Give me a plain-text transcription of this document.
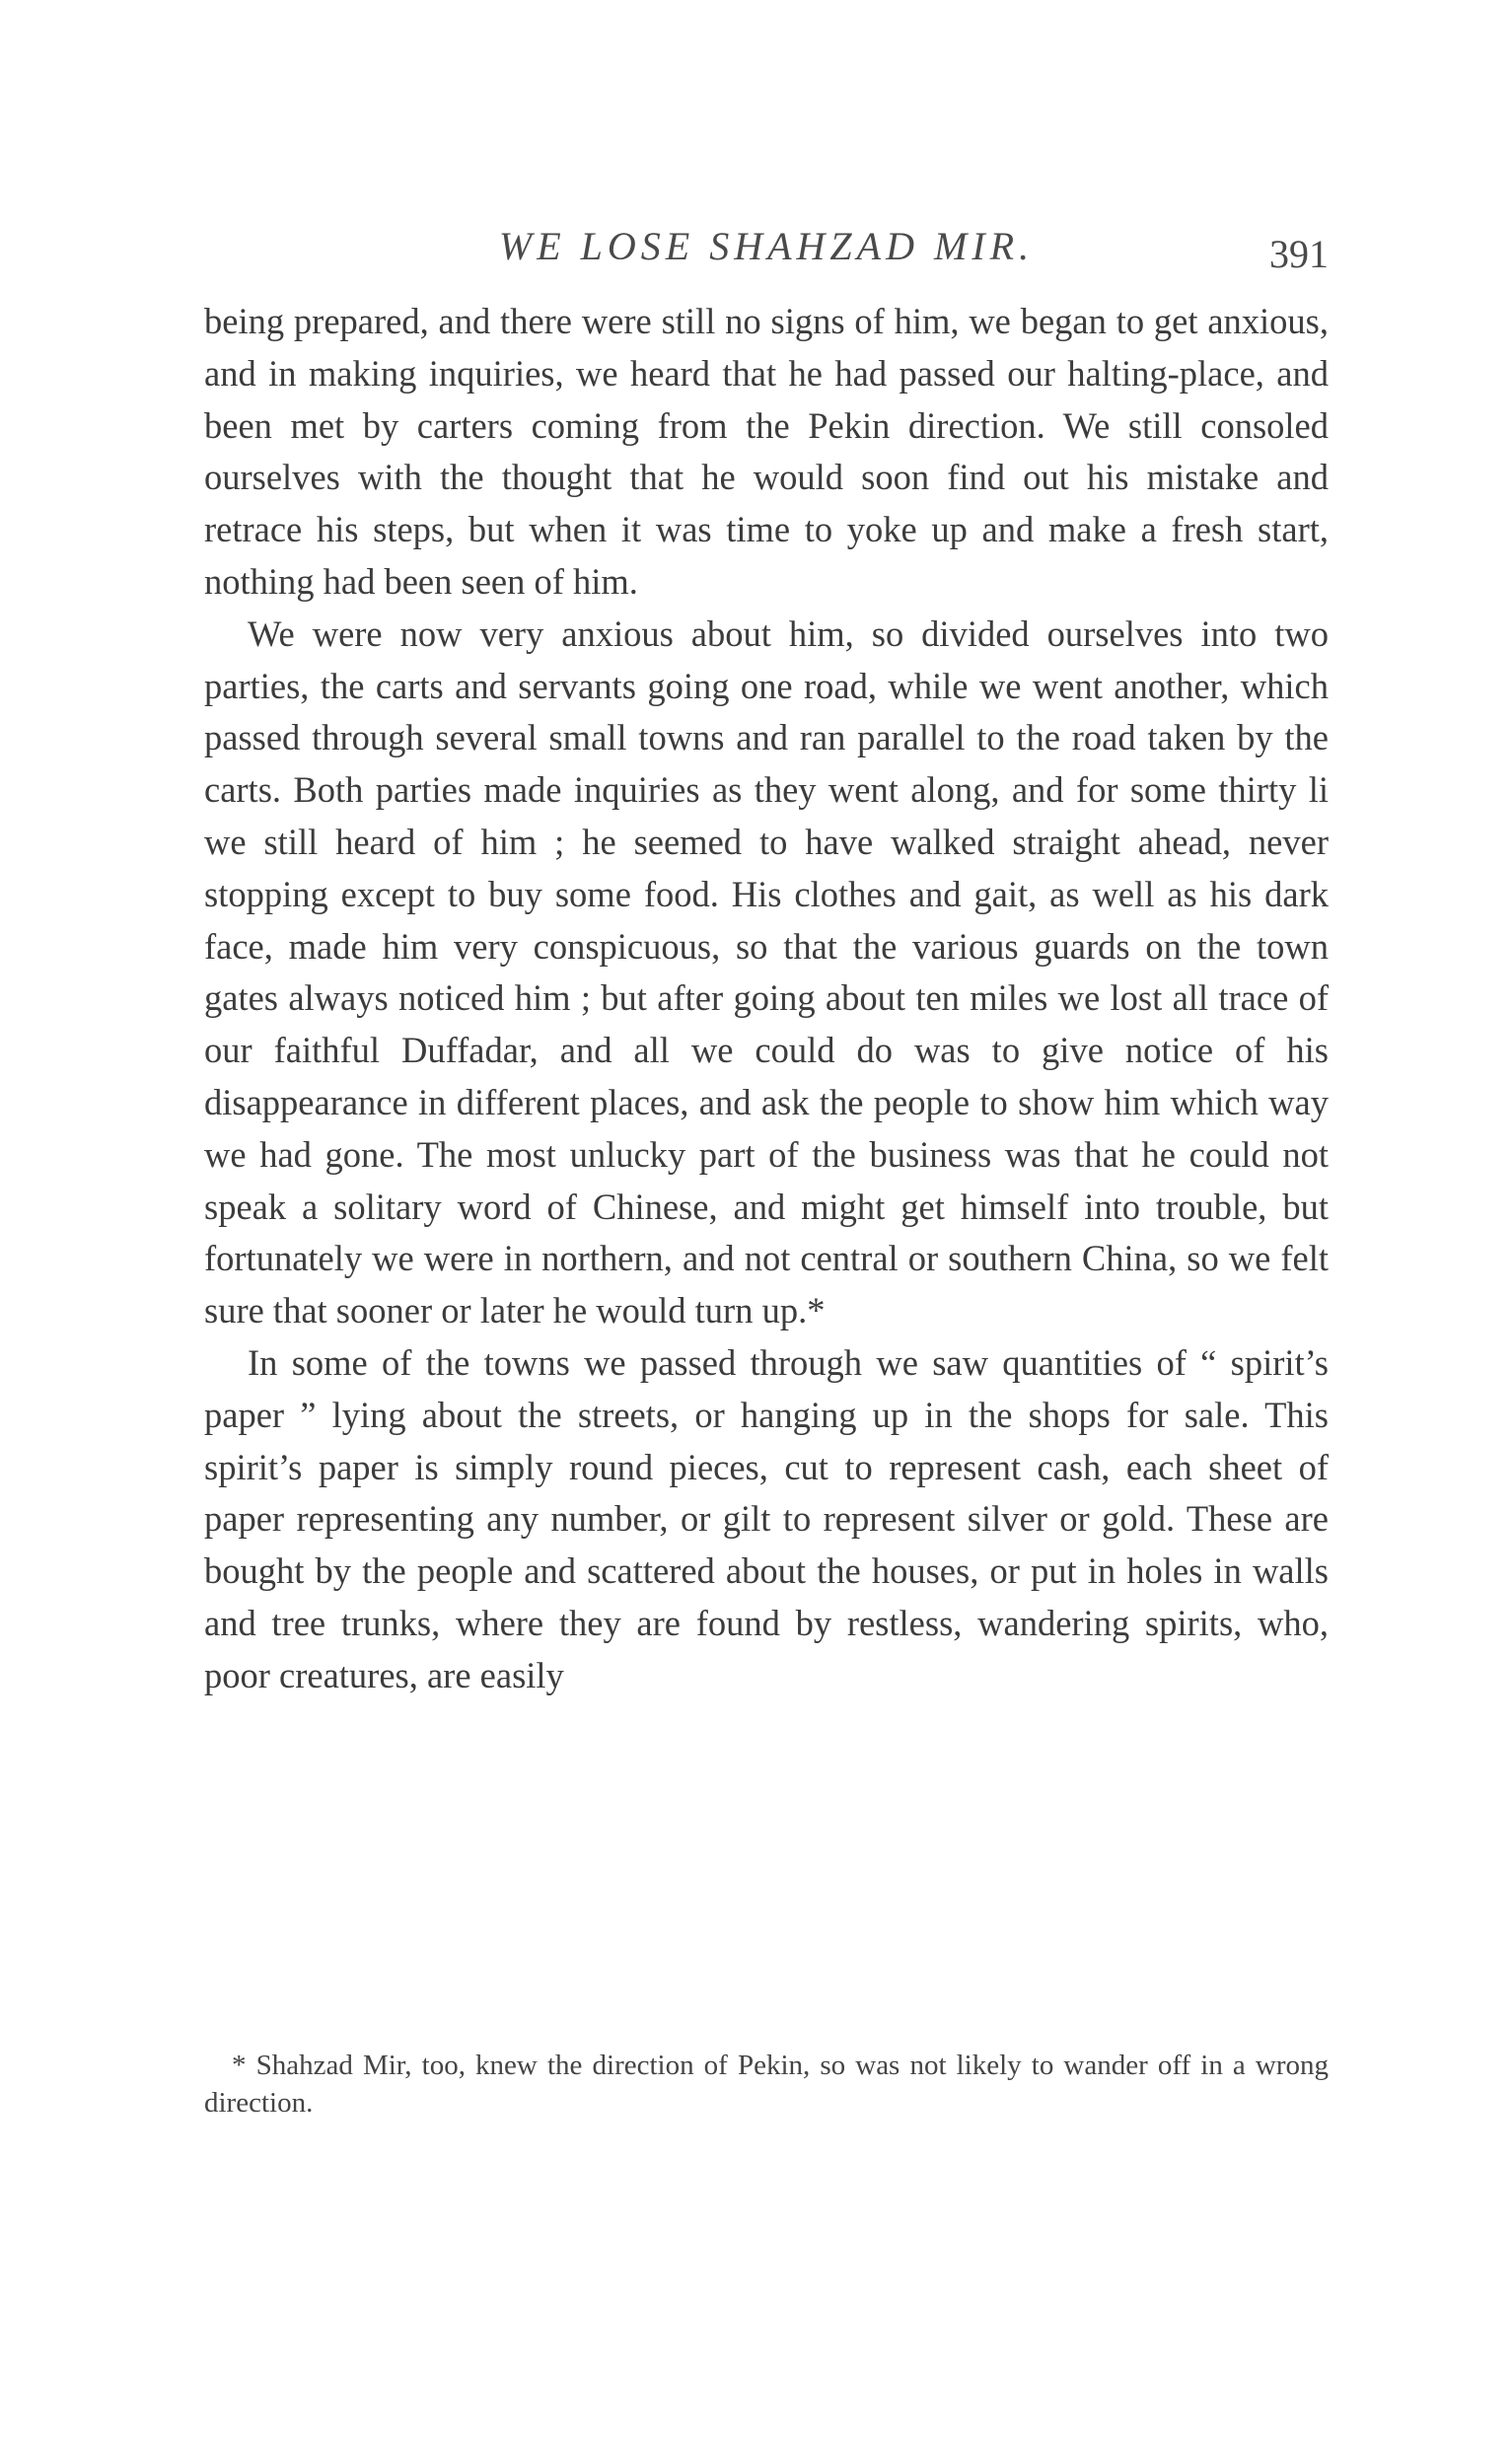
WE LOSE SHAHZAD MIR.	391

being prepared, and there were still no signs of him, we began to get anxious, and in making inquiries, we heard that he had passed our halting-place, and been met by carters coming from the Pekin direction. We still consoled ourselves with the thought that he would soon find out his mistake and retrace his steps, but when it was time to yoke up and make a fresh start, nothing had been seen of him.

We were now very anxious about him, so divided ourselves into two parties, the carts and servants going one road, while we went another, which passed through several small towns and ran parallel to the road taken by the carts. Both parties made inquiries as they went along, and for some thirty li we still heard of him ; he seemed to have walked straight ahead, never stopping except to buy some food. His clothes and gait, as well as his dark face, made him very conspicuous, so that the various guards on the town gates always noticed him ; but after going about ten miles we lost all trace of our faithful Duffadar, and all we could do was to give notice of his disappearance in different places, and ask the people to show him which way we had gone. The most unlucky part of the business was that he could not speak a solitary word of Chinese, and might get himself into trouble, but fortunately we were in northern, and not central or southern China, so we felt sure that sooner or later he would turn up.*

In some of the towns we passed through we saw quantities of “ spirit’s paper ” lying about the streets, or hanging up in the shops for sale. This spirit’s paper is simply round pieces, cut to represent cash, each sheet of paper representing any number, or gilt to represent silver or gold. These are bought by the people and scattered about the houses, or put in holes in walls and tree trunks, where they are found by restless, wandering spirits, who, poor creatures, are easily

* Shahzad Mir, too, knew the direction of Pekin, so was not likely to wander off in a wrong direction.
